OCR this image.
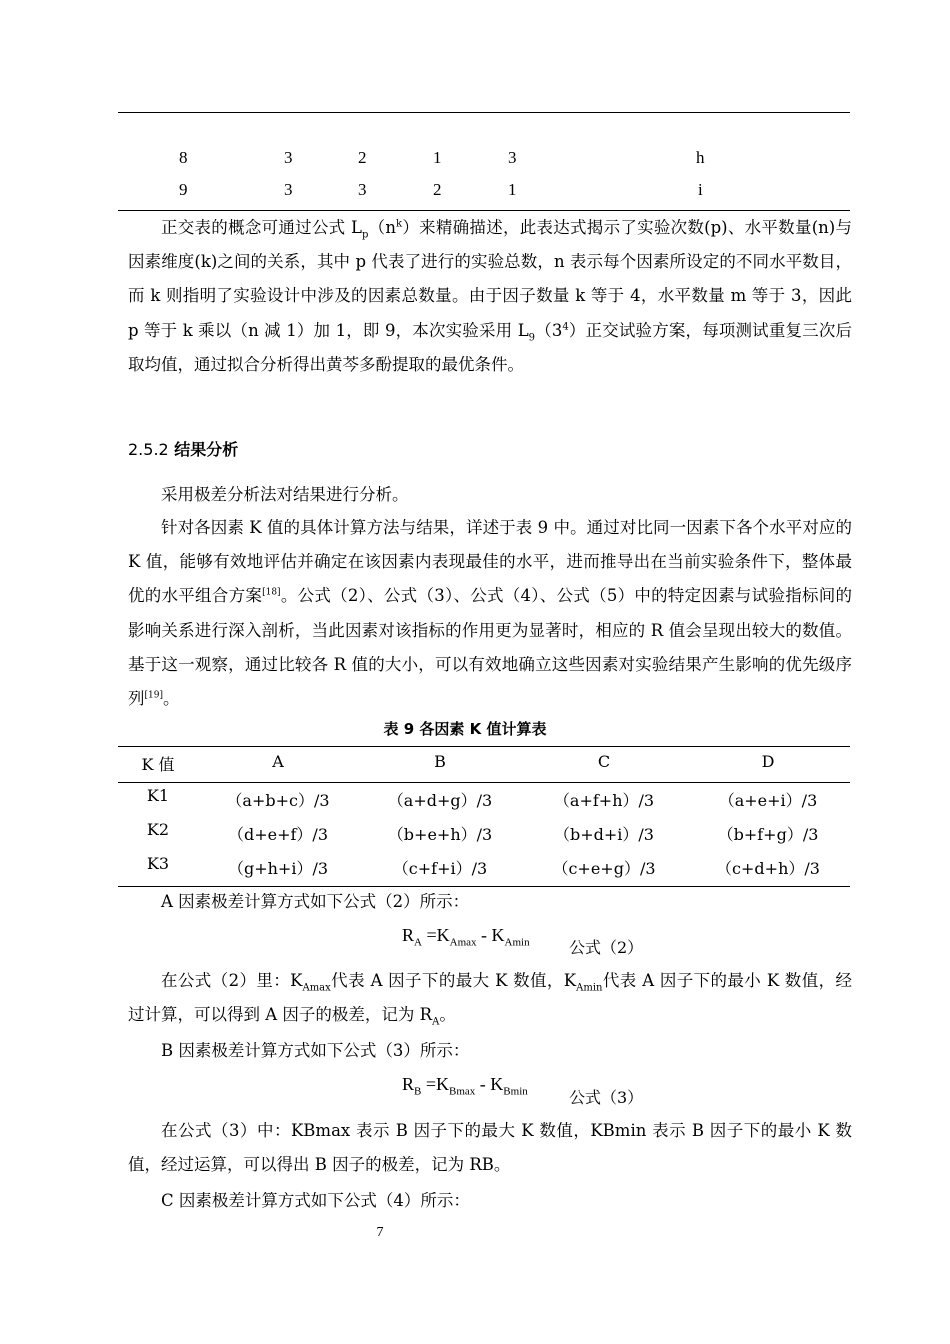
8	3	2	1	3	h
9	3	3	2	1	i

正交表的概念可通过公式 $L_p(n^k)$来精确描述，此表达式揭示了实验次数(p)、水平数量(n)与因素维度(k)之间的关系，其中 p 代表了进行的实验总数，n 表示每个因素所设定的不同水平数目，而 k 则指明了实验设计中涉及的因素总数量。由于因子数量 k 等于 4，水平数量 m 等于 3，因此 p 等于 k 乘以（n 减 1）加 1，即 9，本次实验采用 $L_9(3^4)$正交试验方案，每项测试重复三次后取均值，通过拟合分析得出黄芩多酚提取的最优条件。

2.5.2 结果分析

采用极差分析法对结果进行分析。

针对各因素 K 值的具体计算方法与结果，详述于表 9 中。通过对比同一因素下各个水平对应的 K 值，能够有效地评估并确定在该因素内表现最佳的水平，进而推导出在当前实验条件下，整体最优的水平组合方案[18]。公式（2）、公式（3）、公式（4）、公式（5）中的特定因素与试验指标间的影响关系进行深入剖析，当此因素对该指标的作用更为显著时，相应的 R 值会呈现出较大的数值。基于这一观察，通过比较各 R 值的大小，可以有效地确立这些因素对实验结果产生影响的优先级序列[19]。

表 9 各因素 K 值计算表
K 值	A	B	C	D
K1	（a+b+c）/3	（a+d+g）/3	（a+f+h）/3	（a+e+i）/3
K2	（d+e+f）/3	（b+e+h）/3	（b+d+i）/3	（b+f+g）/3
K3	（g+h+i）/3	（c+f+i）/3	（c+e+g）/3	（c+d+h）/3

A 因素极差计算方式如下公式（2）所示：

$R_A =K_{Amax} - K_{Amin}$ 公式（2）

在公式（2）里：$K_{Amax}$代表 A 因子下的最大 K 数值，$K_{Amin}$代表 A 因子下的最小 K 数值，经过计算，可以得到 A 因子的极差，记为 $R_A$。

B 因素极差计算方式如下公式（3）所示：

$R_B =K_{Bmax} - K_{Bmin}$	公式（3）

在公式（3）中：KBmax 表示 B 因子下的最大 K 数值，KBmin 表示 B 因子下的最小 K 数值，经过运算，可以得出 B 因子的极差，记为 RB。

C 因素极差计算方式如下公式（4）所示：

7
